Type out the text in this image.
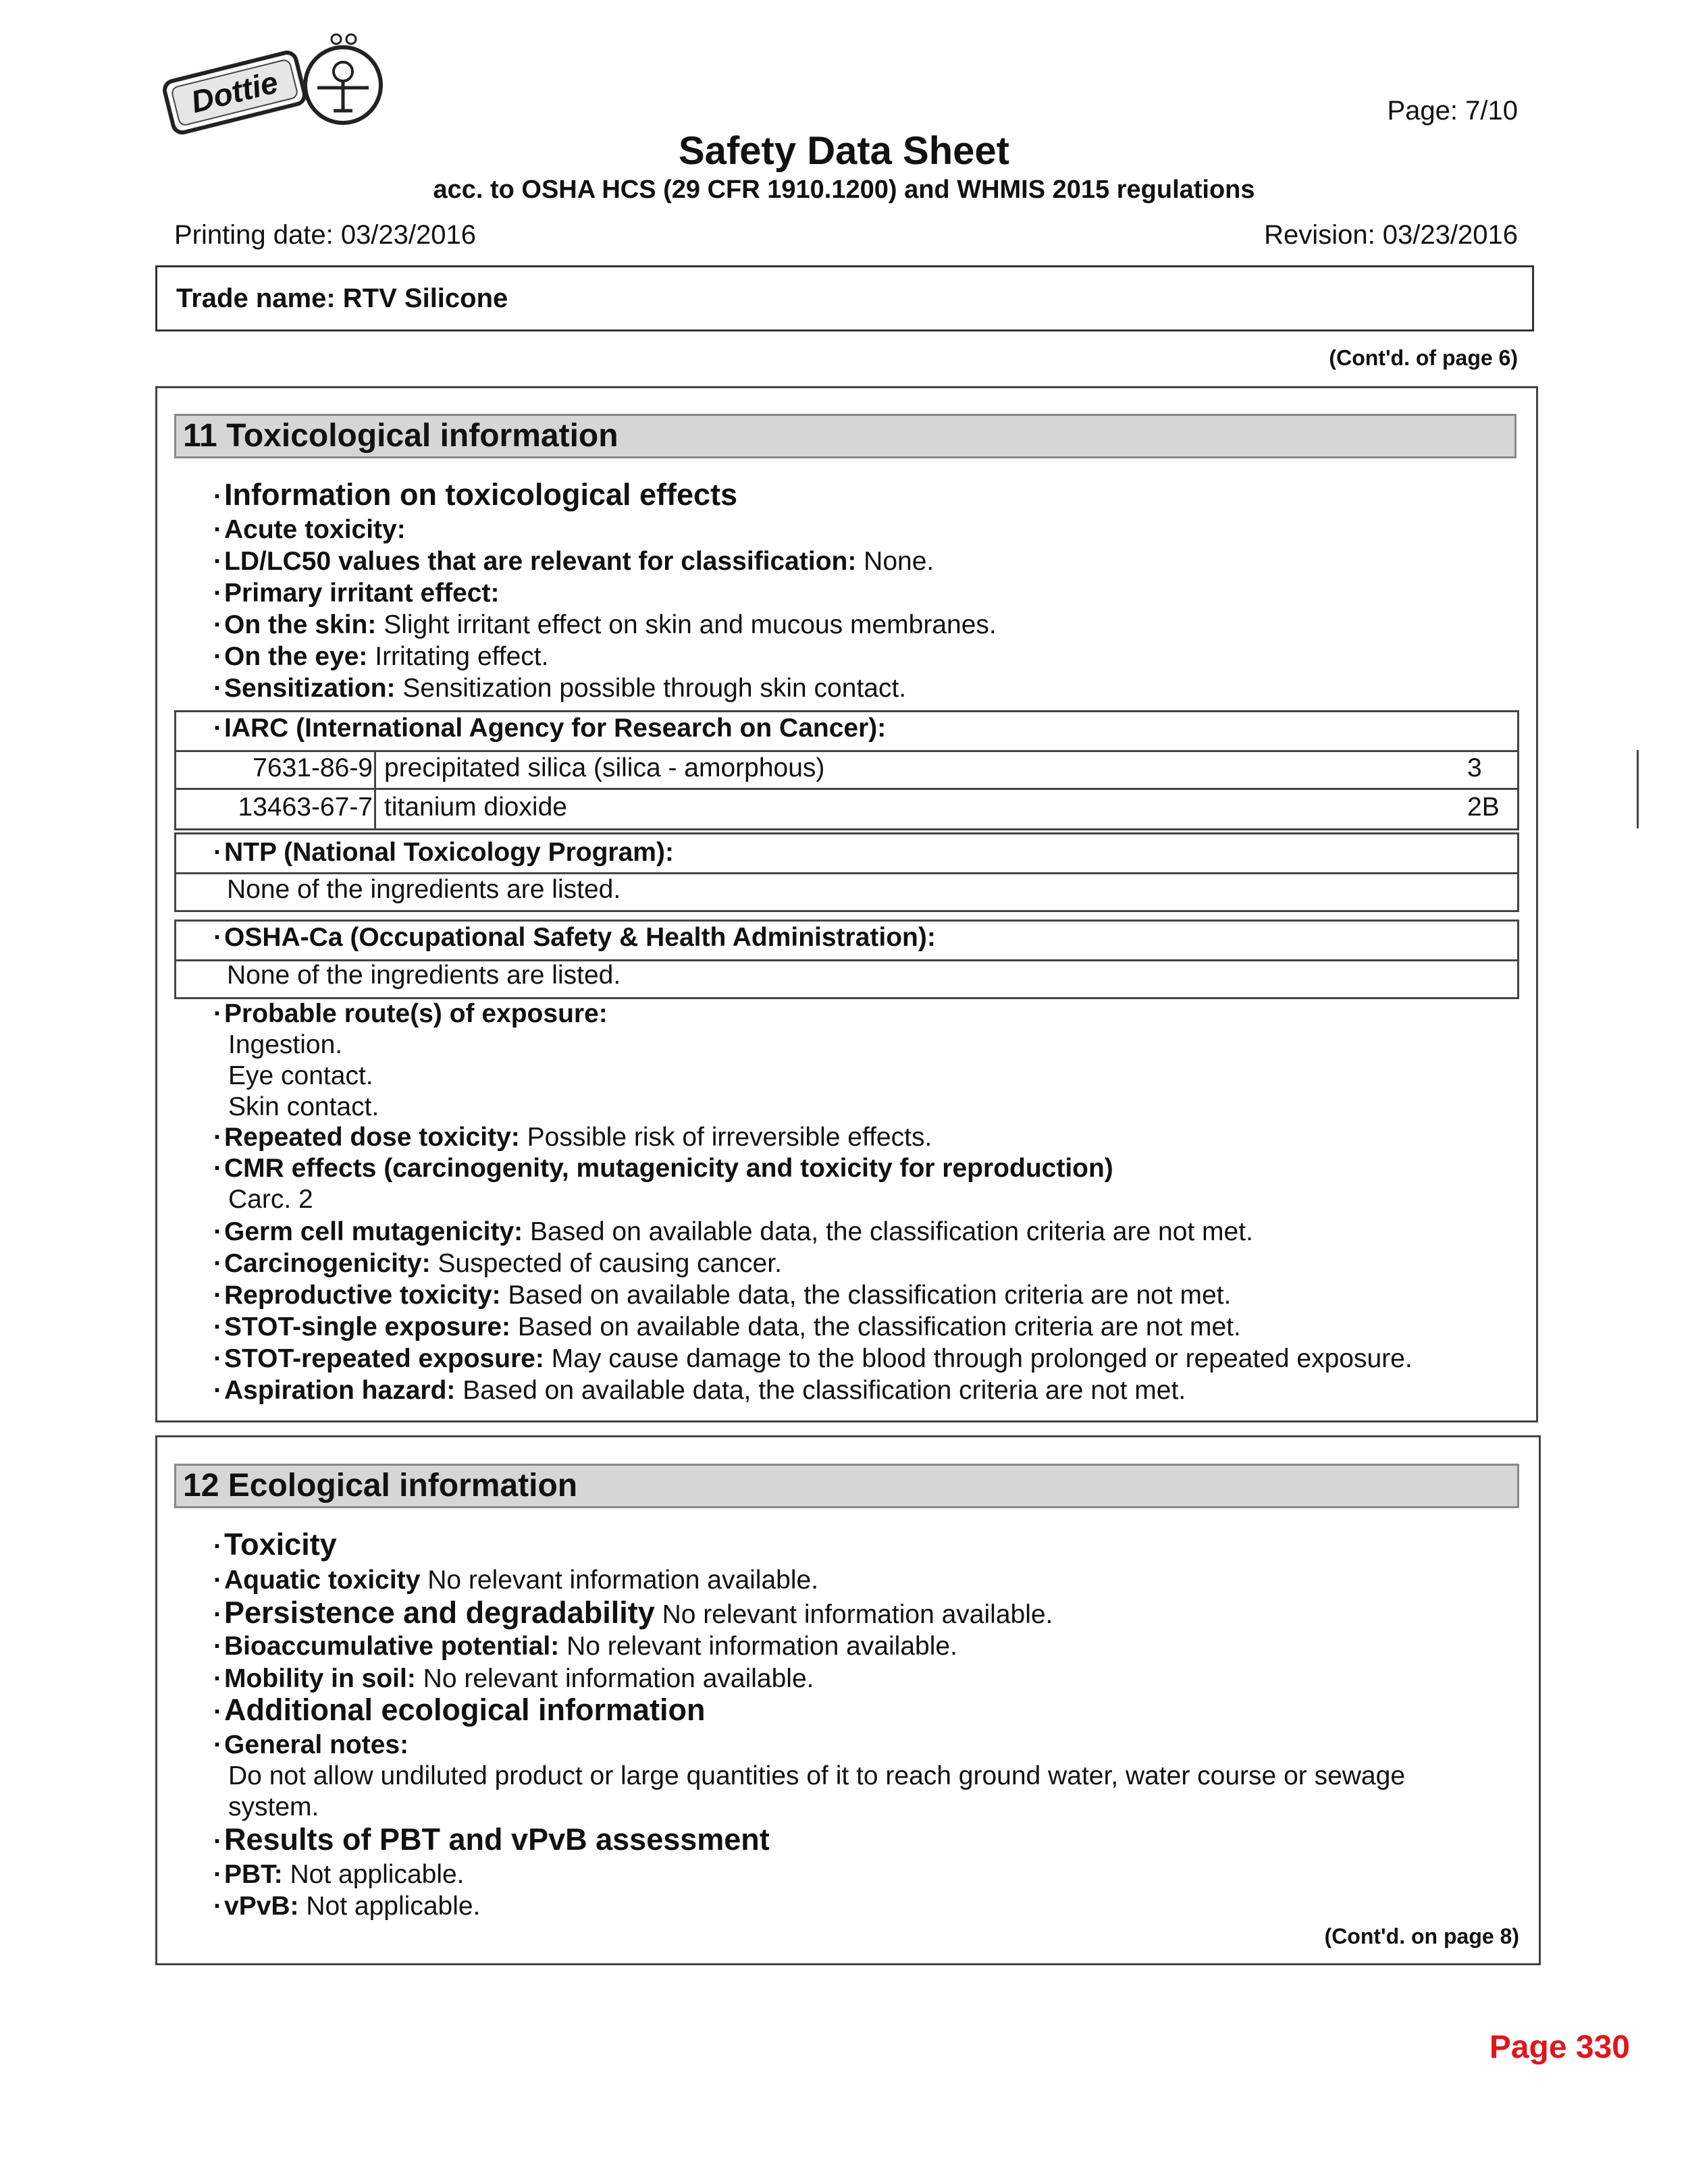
Dottie	Page: 7/10
Safety Data Sheet
acc. to OSHA HCS (29 CFR 1910.1200) and WHMIS 2015 regulations
Printing date: 03/23/2016	Revision: 03/23/2016
Trade name: RTV Silicone
(Cont'd. of page 6)
11 Toxicological information
·Information on toxicological effects
·Acute toxicity:
·LD/LC50 values that are relevant for classification: None.
·Primary irritant effect:
·On the skin: Slight irritant effect on skin and mucous membranes.
·On the eye: Irritating effect.
·Sensitization: Sensitization possible through skin contact.
·IARC (International Agency for Research on Cancer):
7631-86-9 precipitated silica (silica - amorphous)	3
13463-67-7 titanium dioxide	2B
·NTP (National Toxicology Program):
None of the ingredients are listed.
·OSHA-Ca (Occupational Safety & Health Administration):
None of the ingredients are listed.
·Probable route(s) of exposure:
Ingestion.
Eye contact.
Skin contact.
·Repeated dose toxicity: Possible risk of irreversible effects.
·CMR effects (carcinogenity, mutagenicity and toxicity for reproduction)
Carc. 2
·Germ cell mutagenicity: Based on available data, the classification criteria are not met.
·Carcinogenicity: Suspected of causing cancer.
·Reproductive toxicity: Based on available data, the classification criteria are not met.
·STOT-single exposure: Based on available data, the classification criteria are not met.
·STOT-repeated exposure: May cause damage to the blood through prolonged or repeated exposure.
·Aspiration hazard: Based on available data, the classification criteria are not met.
12 Ecological information
·Toxicity
·Aquatic toxicity No relevant information available.
·Persistence and degradability No relevant information available.
·Bioaccumulative potential: No relevant information available.
·Mobility in soil: No relevant information available.
·Additional ecological information
·General notes:
Do not allow undiluted product or large quantities of it to reach ground water, water course or sewage
system.
·Results of PBT and vPvB assessment
·PBT: Not applicable.
·vPvB: Not applicable.
(Cont'd. on page 8)
Page 330
